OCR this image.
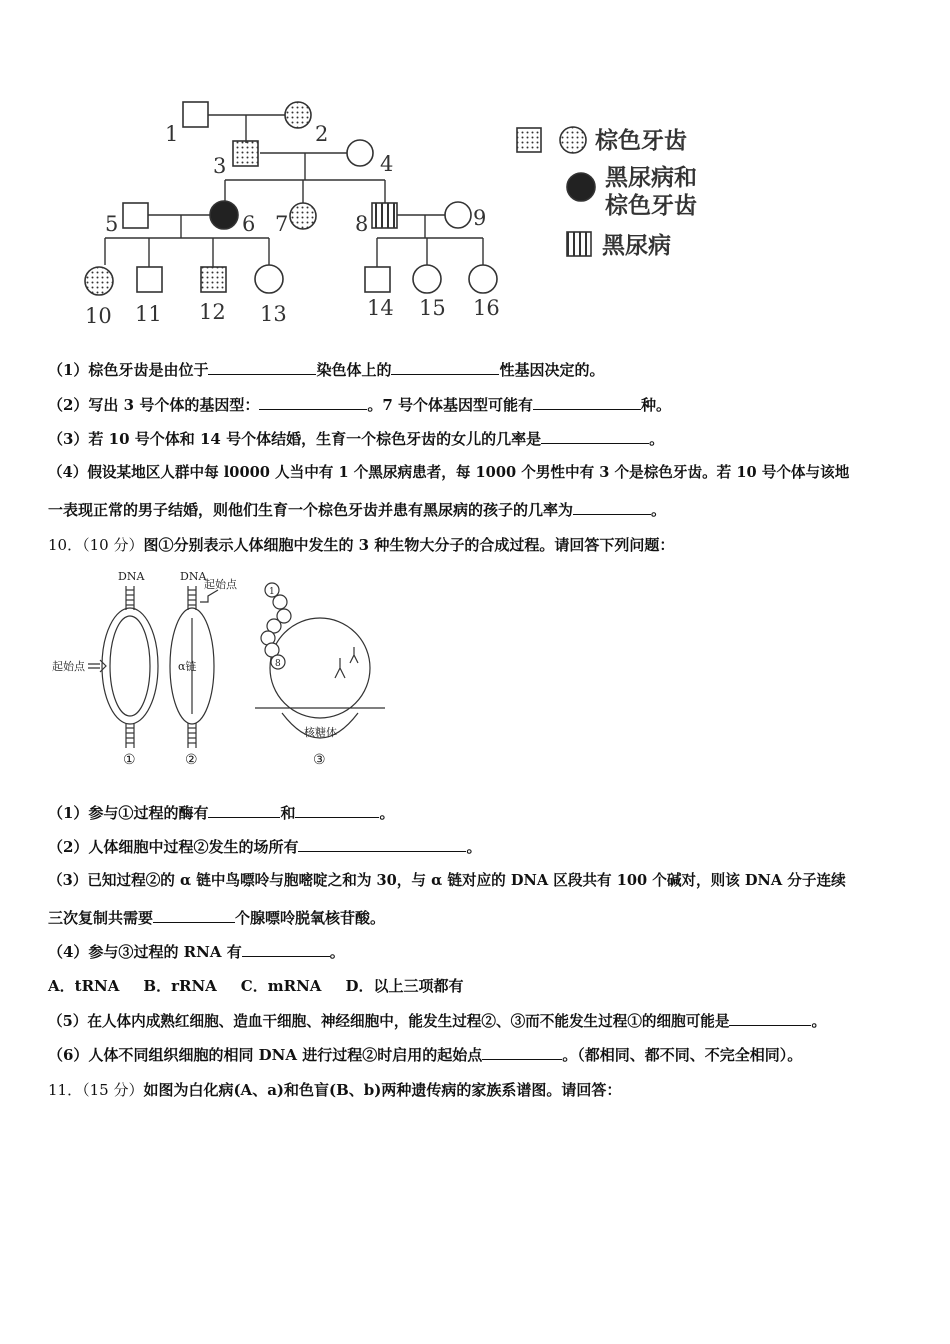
1	2
3	4
5	6 7	8	9
10 11 12 13	14 15 16
棕色牙齿
黑尿病和
棕色牙齿
黑尿病
（1）棕色牙齿是由位于	染色体上的	性基因决定的。
（2）写出 3 号个体的基因型：	。7 号个体基因型可能有	种。
（3）若 10 号个体和 14 号个体结婚，生育一个棕色牙齿的女儿的几率是	。
（4）假设某地区人群中每 l0000 人当中有 1 个黑尿病患者，每 1000 个男性中有 3 个是棕色牙齿。若 10 号个体与该地
一表现正常的男子结婚，则他们生育一个棕色牙齿并患有黑尿病的孩子的几率为	。
10．（10 分）图①分别表示人体细胞中发生的 3 种生物大分子的合成过程。请回答下列问题：
DNA	DNA
起始点
起始点
α链
核糖体
1
8
①	②	③
（1）参与①过程的酶有	和	。
（2）人体细胞中过程②发生的场所有	。
（3）已知过程②的 α 链中鸟嘌呤与胞嘧啶之和为 30，与 α 链对应的 DNA 区段共有 100 个碱对，则该 DNA 分子连续
三次复制共需要	个腺嘌呤脱氧核苷酸。
（4）参与③过程的 RNA 有	。
A．tRNA B．rRNA C．mRNA D．以上三项都有
（5）在人体内成熟红细胞、造血干细胞、神经细胞中，能发生过程②、③而不能发生过程①的细胞可能是	。
（6）人体不同组织细胞的相同 DNA 进行过程②时启用的起始点	。（都相同、都不同、不完全相同）。
11．（15 分）如图为白化病(A、a)和色盲(B、b)两种遗传病的家族系谱图。请回答：
